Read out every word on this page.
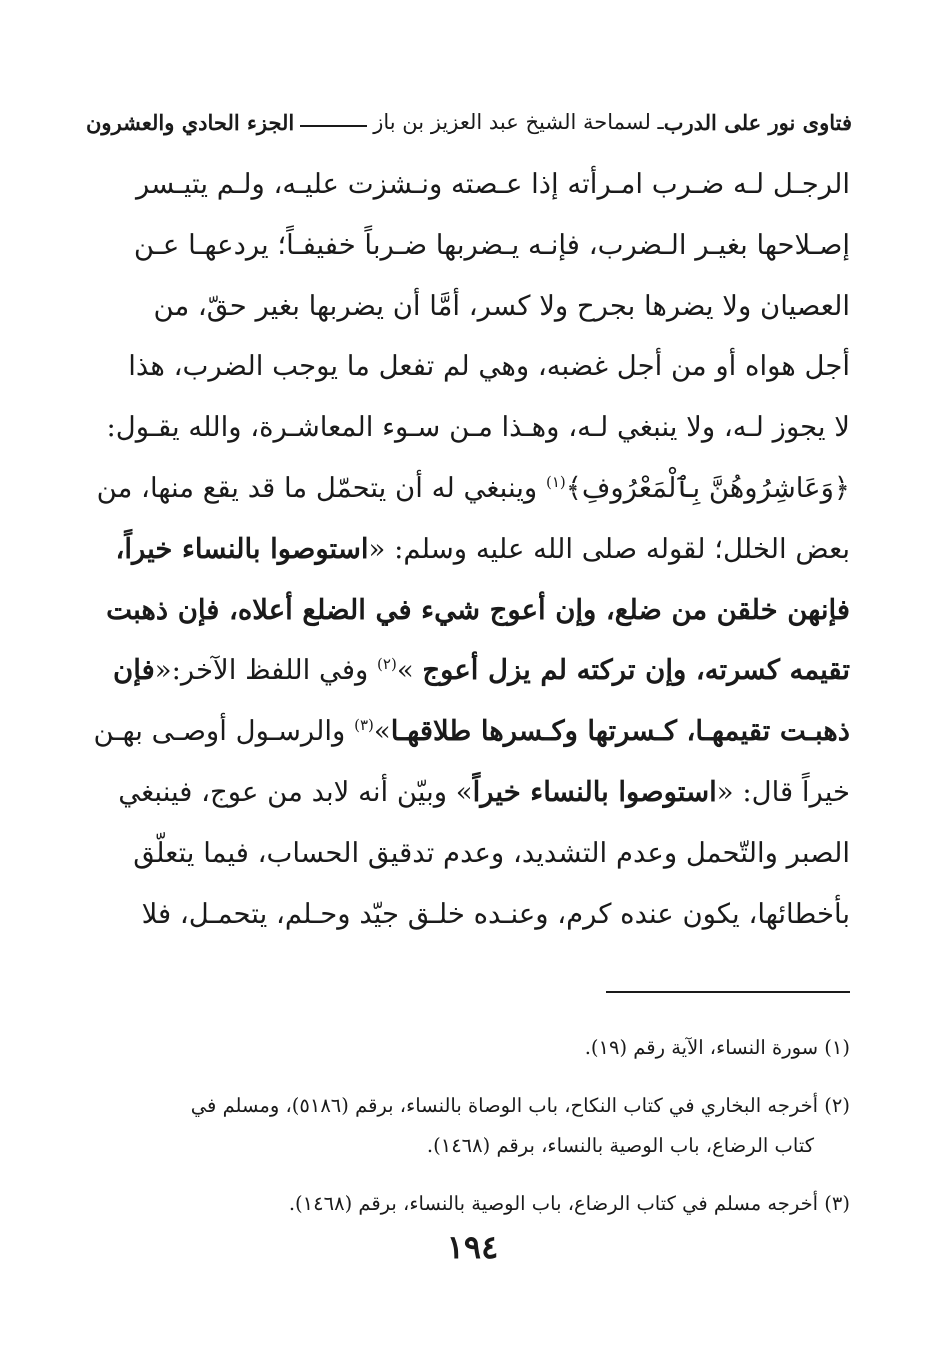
فتاوى نور على الدرب
ـ لسماحة الشيخ عبد العزيز بن باز
الجزء الحادي والعشرون
الرجـل لـه ضـرب امـرأته إذا عـصته ونـشزت عليـه، ولـم يتيـسر
إصـلاحها بغيـر الـضرب، فإنـه يـضربها ضـرباً خفيفـاً؛ يردعهـا عـن
العصيان ولا يضرها بجرح ولا كسر، أمَّا أن يضربها بغير حقّ، من
أجل هواه أو من أجل غضبه، وهي لم تفعل ما يوجب الضرب، هذا
لا يجوز لـه، ولا ينبغي لـه، وهـذا مـن سـوء المعاشـرة، والله يقـول:
﴿وَعَاشِرُوهُنَّ بِٱلْمَعْرُوفِ﴾$^{(١)}$ وينبغي له أن يتحمّل ما قد يقع منها، من
بعض الخلل؛ لقوله صلى الله عليه وسلم: «استوصوا بالنساء خيراً،
فإنهن خلقن من ضلع، وإن أعوج شيء في الضلع أعلاه، فإن ذهبت
تقيمه كسرته، وإن تركته لم يزل أعوج »$^{(٢)}$ وفي اللفظ الآخر:«فإن
ذهبـت تقيمهـا، كـسرتها وكـسرها طلاقهـا»$^{(٣)}$ والرسـول أوصـى بهـن
خيراً قال: «استوصوا بالنساء خيراً» وبيّن أنه لابد من عوج، فينبغي
الصبر والتّحمل وعدم التشديد، وعدم تدقيق الحساب، فيما يتعلّق
بأخطائها، يكون عنده كرم، وعنـده خلـق جيّد وحـلم، يتحمـل، فلا
(١) سورة النساء، الآية رقم (١٩).
(٢) أخرجه البخاري في كتاب النكاح، باب الوصاة بالنساء، برقم (٥١٨٦)، ومسلم في
كتاب الرضاع، باب الوصية بالنساء، برقم (١٤٦٨).
(٣) أخرجه مسلم في كتاب الرضاع، باب الوصية بالنساء، برقم (١٤٦٨).
١٩٤
